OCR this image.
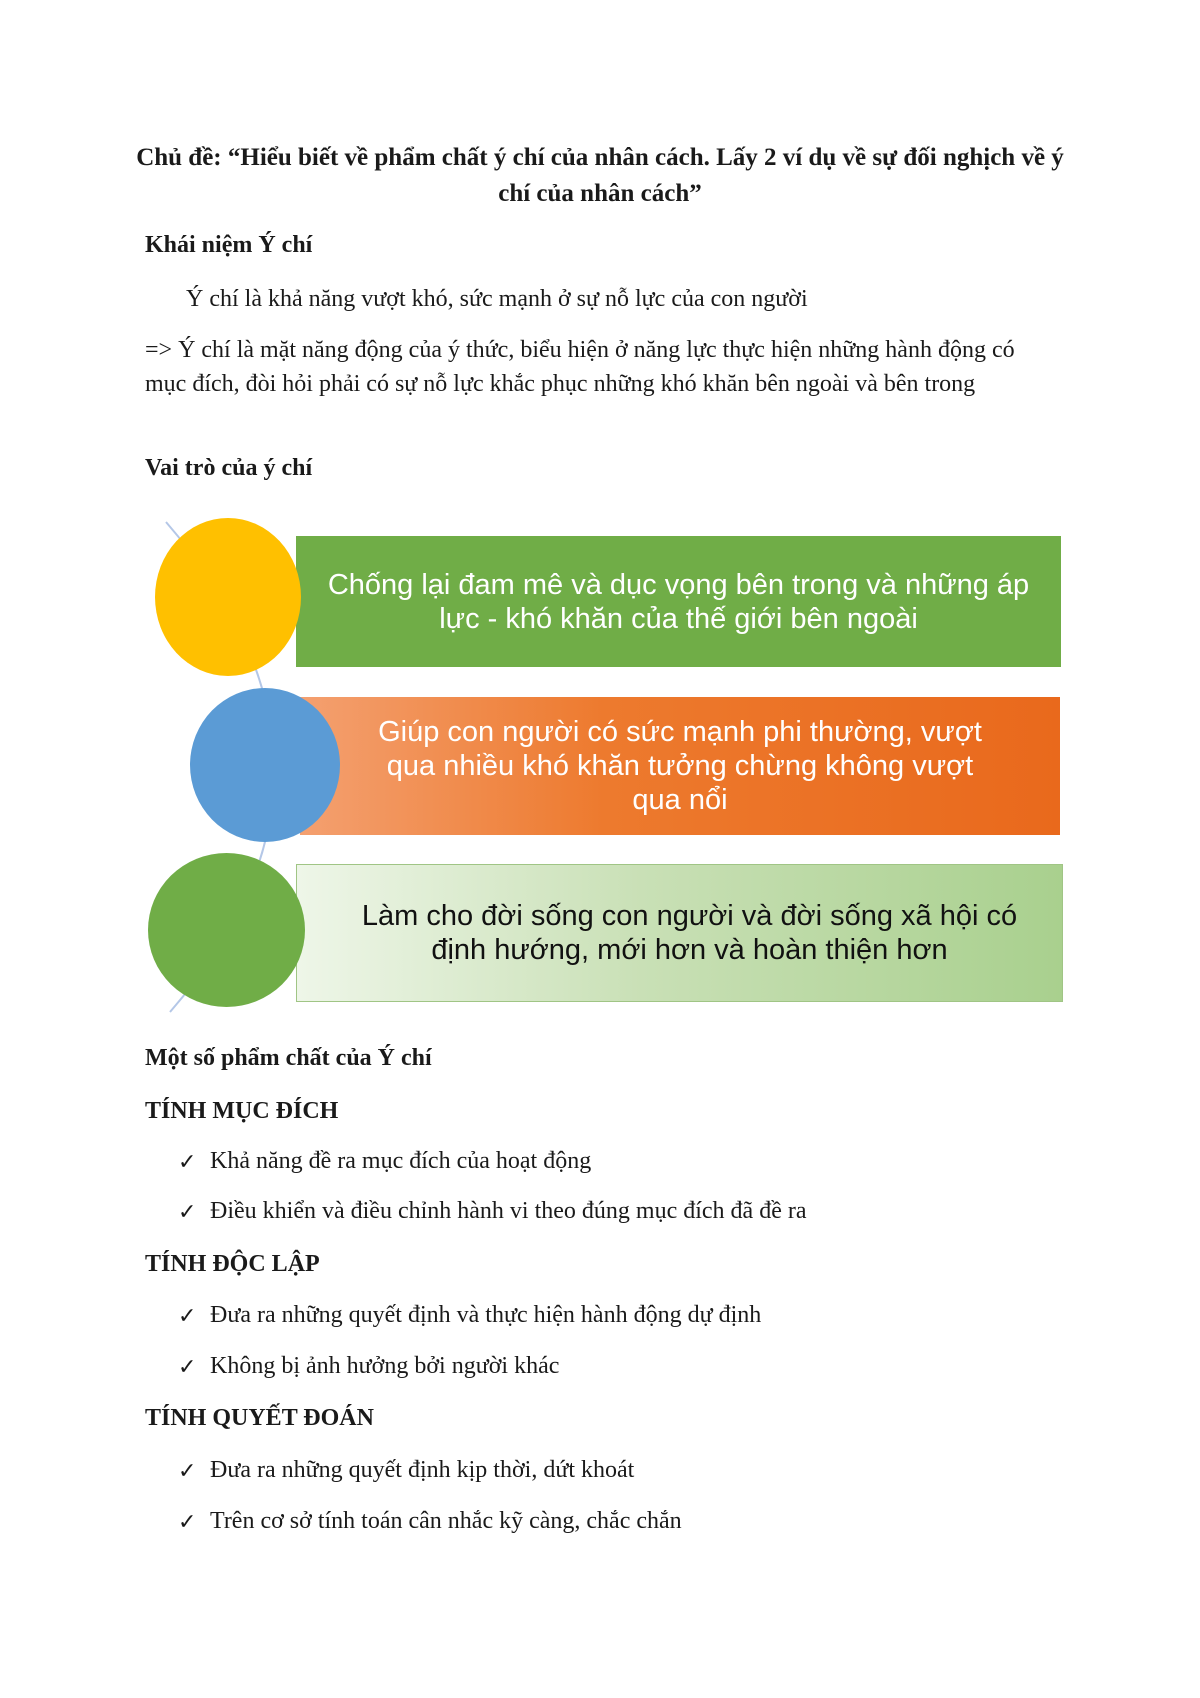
Chủ đề: “Hiểu biết về phẩm chất ý chí của nhân cách. Lấy 2 ví dụ về sự đối nghịch về ý chí của nhân cách”
Khái niệm Ý chí
Ý chí là khả năng vượt khó, sức mạnh ở sự nỗ lực của con người
=> Ý chí là mặt năng động của ý thức, biểu hiện ở năng lực thực hiện những hành động có mục đích, đòi hỏi phải có sự nỗ lực khắc phục những khó khăn bên ngoài và bên trong
Vai trò của ý chí
Chống lại đam mê và dục vọng bên trong và những áp lực - khó khăn của thế giới bên ngoài
Giúp con người có sức mạnh phi thường, vượt qua nhiều khó khăn tưởng chừng không vượt qua nổi
Làm cho đời sống con người và đời sống xã hội có định hướng, mới hơn và hoàn thiện hơn
Một số phẩm chất của Ý chí
TÍNH MỤC ĐÍCH
✓ Khả năng đề ra mục đích của hoạt động
✓ Điều khiển và điều chỉnh hành vi theo đúng mục đích đã đề ra
TÍNH ĐỘC LẬP
✓ Đưa ra những quyết định và thực hiện hành động dự định
✓ Không bị ảnh hưởng bởi người khác
TÍNH QUYẾT ĐOÁN
✓ Đưa ra những quyết định kịp thời, dứt khoát
✓ Trên cơ sở tính toán cân nhắc kỹ càng, chắc chắn
